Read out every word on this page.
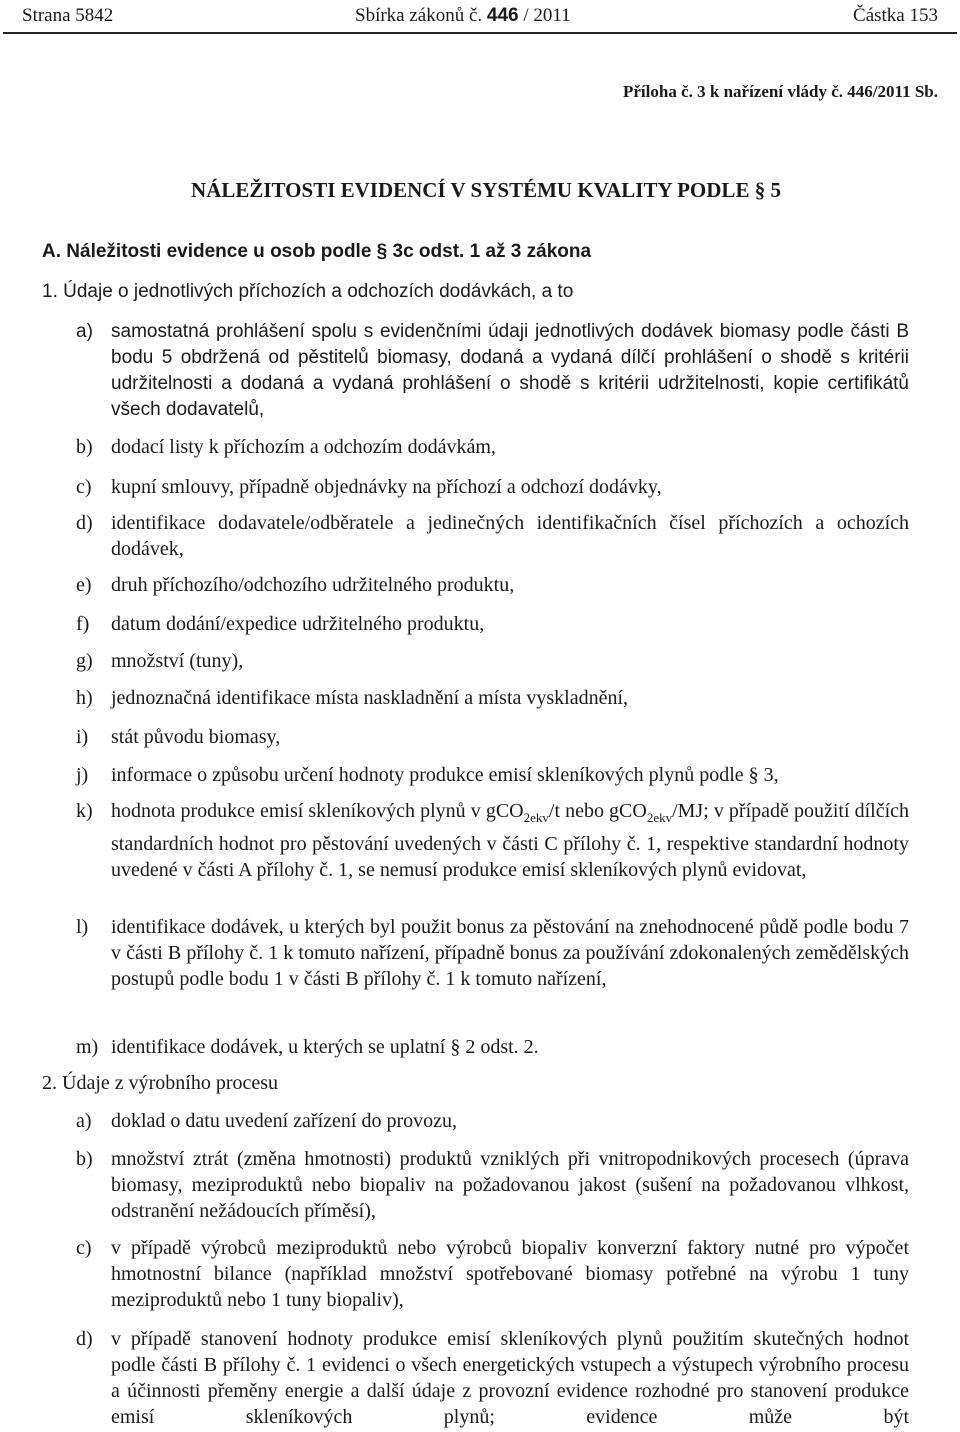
Strana 5842	Sbírka zákonů č. 446 / 2011	Částka 153
Příloha č. 3 k nařízení vlády č. 446/2011 Sb.
NÁLEŽITOSTI EVIDENCÍ V SYSTÉMU KVALITY PODLE § 5
A. Náležitosti evidence u osob podle § 3c odst. 1 až 3 zákona
1. Údaje o jednotlivých příchozích a odchozích dodávkách, a to
a) samostatná prohlášení spolu s evidenčními údaji jednotlivých dodávek biomasy podle části B bodu 5 obdržená od pěstitelů biomasy, dodaná a vydaná dílčí prohlášení o shodě s kritérii udržitelnosti a dodaná a vydaná prohlášení o shodě s kritérii udržitelnosti, kopie certifikátů všech dodavatelů,
b) dodací listy k příchozím a odchozím dodávkám,
c) kupní smlouvy, případně objednávky na příchozí a odchozí dodávky,
d) identifikace dodavatele/odběratele a jedinečných identifikačních čísel příchozích a ochozích dodávek,
e) druh příchozího/odchozího udržitelného produktu,
f)	datum dodání/expedice udržitelného produktu,
g) množství (tuny),
h) jednoznačná identifikace místa naskladnění a místa vyskladnění,
i)	stát původu biomasy,
j)	informace o způsobu určení hodnoty produkce emisí skleníkových plynů podle § 3,
k) hodnota produkce emisí skleníkových plynů v gCO$_{2ekv}$/t nebo gCO$_{2ekv}$/MJ; v případě použití dílčích standardních hodnot pro pěstování uvedených v části C přílohy č. 1, respektive standardní hodnoty uvedené v části A přílohy č. 1, se nemusí produkce emisí skleníkových plynů evidovat,
l)	identifikace dodávek, u kterých byl použit bonus za pěstování na znehodnocené půdě podle bodu 7 v části B přílohy č. 1 k tomuto nařízení, případně bonus za používání zdokonalených zemědělských postupů podle bodu 1 v části B přílohy č. 1 k tomuto nařízení,
m) identifikace dodávek, u kterých se uplatní § 2 odst. 2.
2. Údaje z výrobního procesu
a) doklad o datu uvedení zařízení do provozu,
b) množství ztrát (změna hmotnosti) produktů vzniklých při vnitropodnikových procesech (úprava biomasy, meziproduktů nebo biopaliv na požadovanou jakost (sušení na požadovanou vlhkost, odstranění nežádoucích příměsí),
c) v případě výrobců meziproduktů nebo výrobců biopaliv konverzní faktory nutné pro výpočet hmotnostní bilance (například množství spotřebované biomasy potřebné na výrobu 1 tuny meziproduktů nebo 1 tuny biopaliv),
d) v případě stanovení hodnoty produkce emisí skleníkových plynů použitím skutečných hodnot podle části B přílohy č. 1 evidenci o všech energetických vstupech a výstupech výrobního procesu a účinnosti přeměny energie a další údaje z provozní evidence rozhodné pro stanovení produkce emisí skleníkových plynů; evidence může být
